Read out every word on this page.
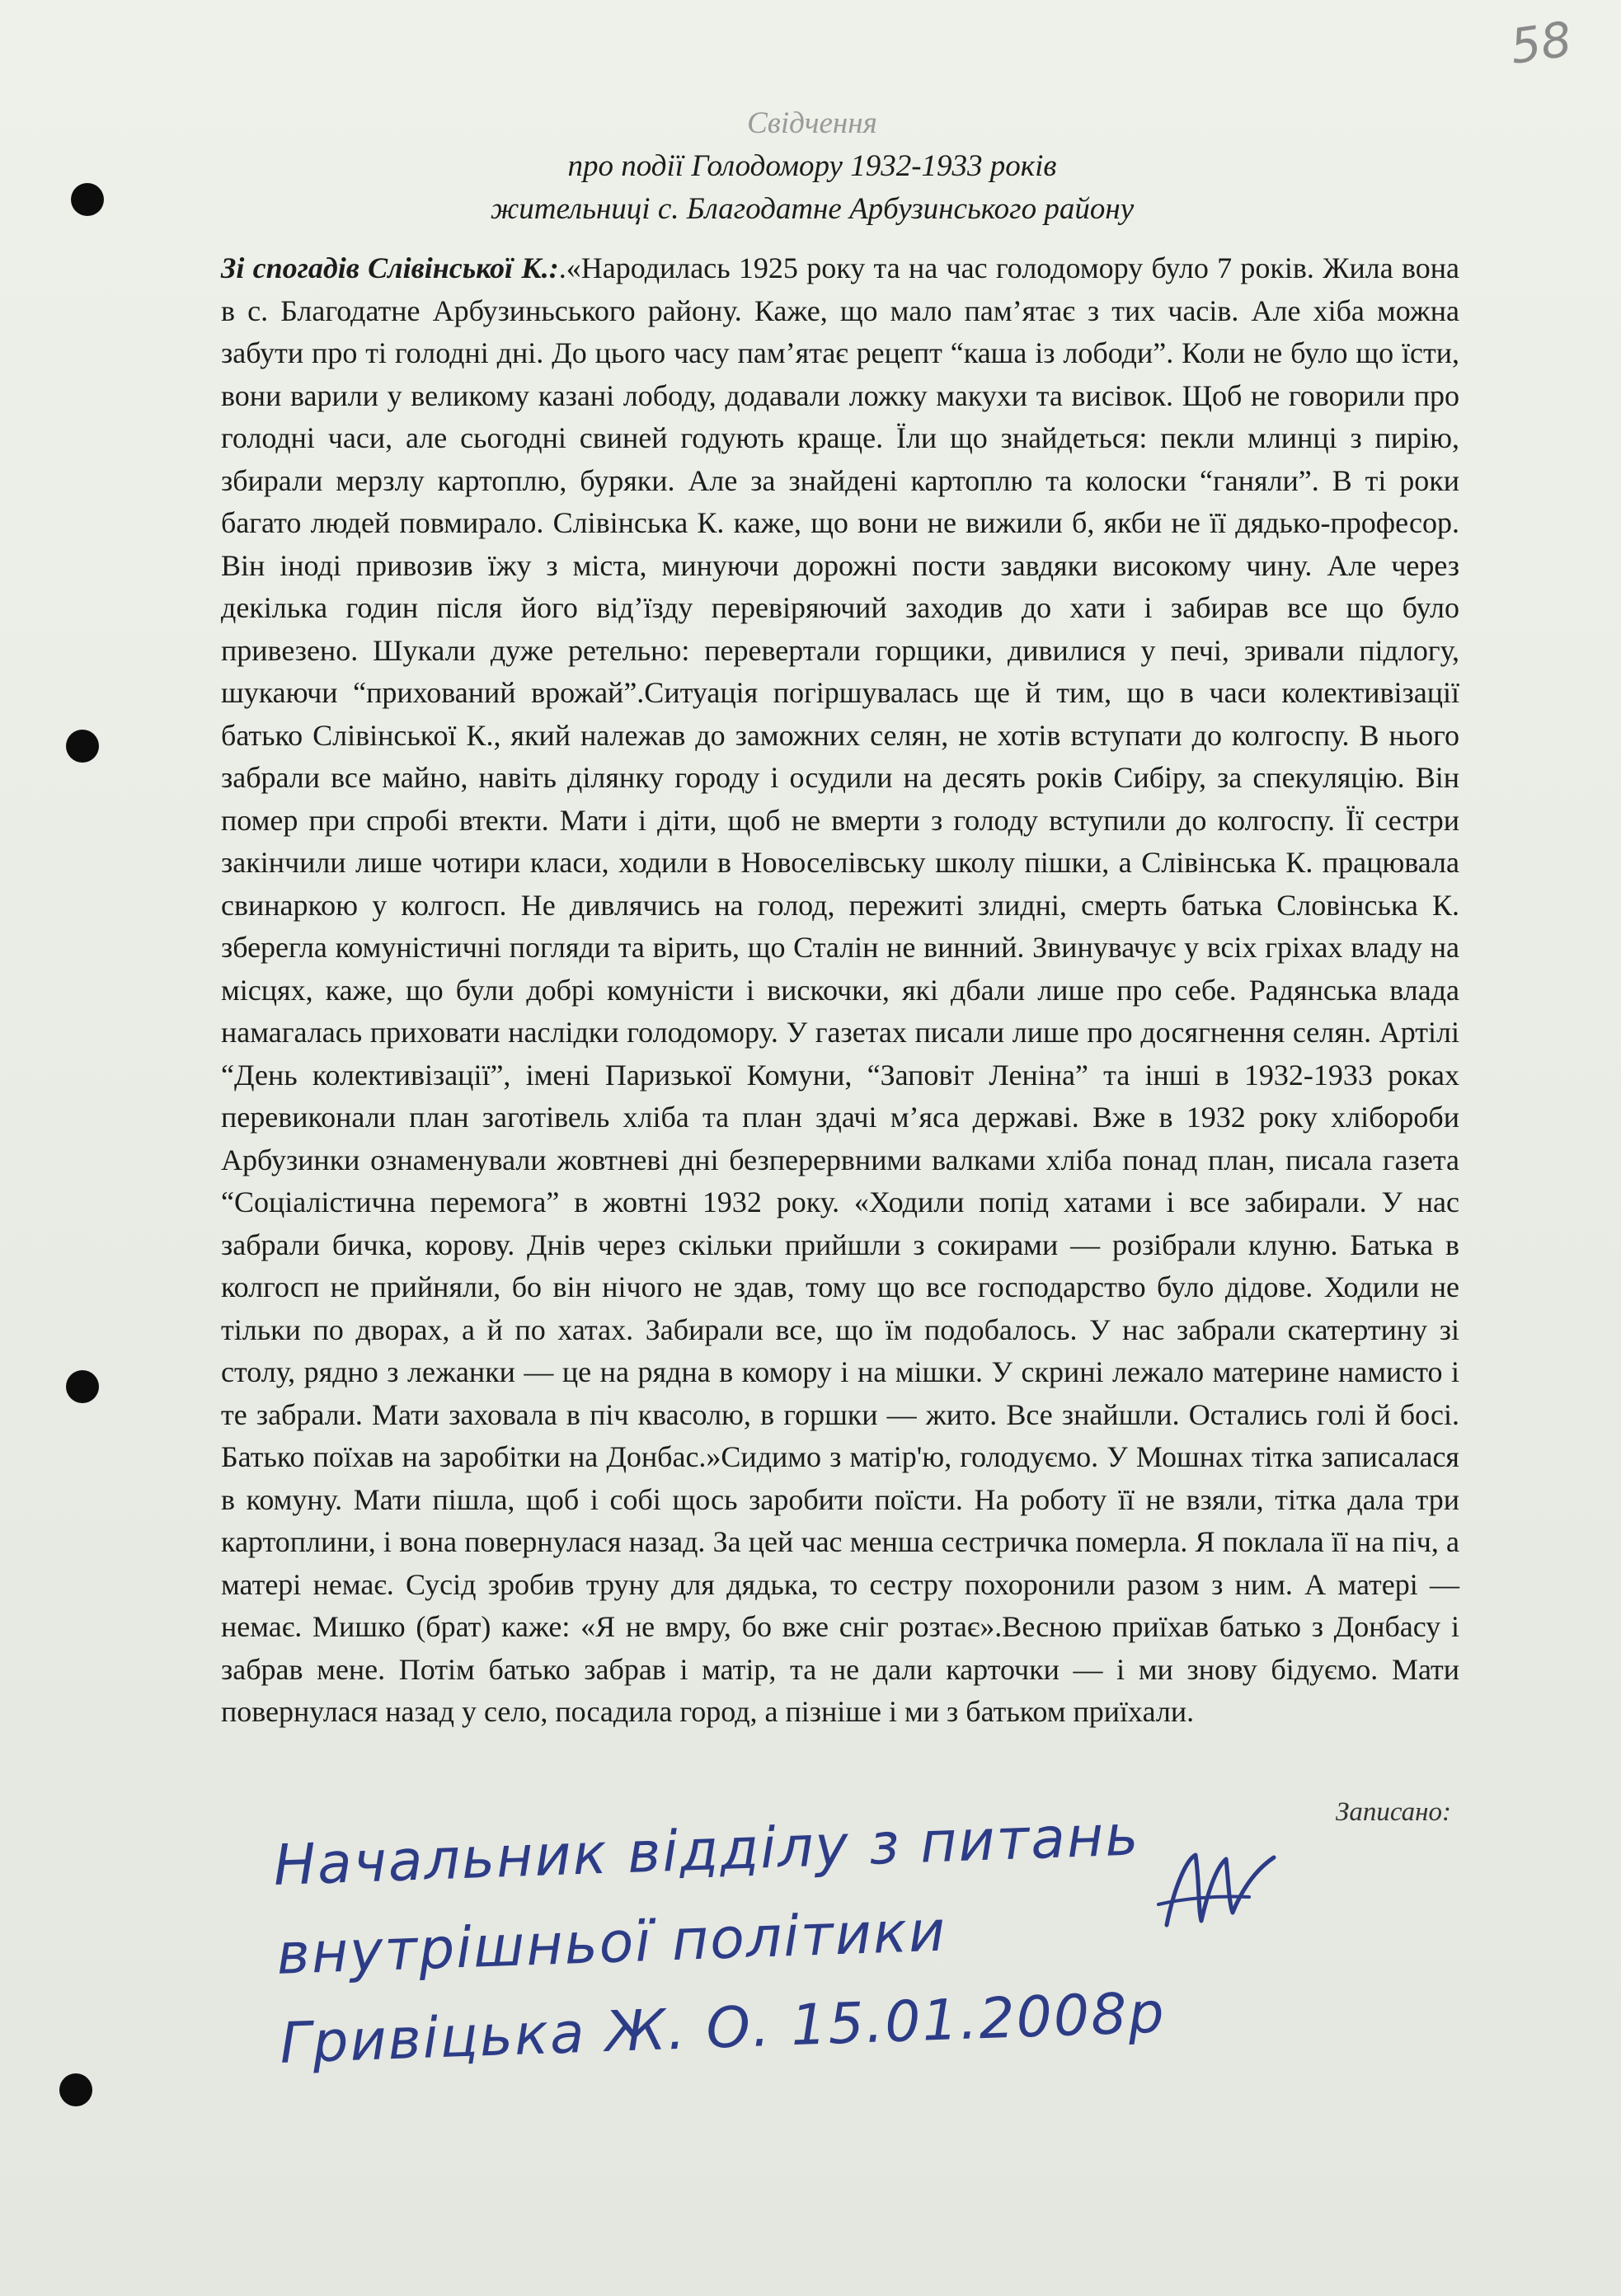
58
Свідчення
про події Голодомору 1932-1933 років
жительниці с. Благодатне Арбузинського району
Зі спогадів Слівінської К.:.«Народилась 1925 року та на час голодомору було 7 років. Жила вона в с. Благодатне Арбузиньського району. Каже, що мало пам’ятає з тих часів. Але хіба можна забути про ті голодні дні. До цього часу пам’ятає рецепт “каша із лободи”. Коли не було що їсти, вони варили у великому казані лободу, додавали ложку макухи та висівок. Щоб не говорили про голодні часи, але сьогодні свиней годують краще. Їли що знайдеться: пекли млинці з пирію, збирали мерзлу картоплю, буряки. Але за знайдені картоплю та колоски “ганяли”. В ті роки багато людей повмирало. Слівінська К. каже, що вони не вижили б, якби не її дядько-професор. Він іноді привозив їжу з міста, минуючи дорожні пости завдяки високому чину. Але через декілька годин після його від’їзду перевіряючий заходив до хати і забирав все що було привезено. Шукали дуже ретельно: перевертали горщики, дивилися у печі, зривали підлогу, шукаючи “прихований врожай”.Ситуація погіршувалась ще й тим, що в часи колективізації батько Слівінської К., який належав до заможних селян, не хотів вступати до колгоспу. В нього забрали все майно, навіть ділянку городу і осудили на десять років Сибіру, за спекуляцію. Він помер при спробі втекти. Мати і діти, щоб не вмерти з голоду вступили до колгоспу. Її сестри закінчили лише чотири класи, ходили в Новоселівську школу пішки, а Слівінська К. працювала свинаркою у колгосп. Не дивлячись на голод, пережиті злидні, смерть батька Словінська К. зберегла комуністичні погляди та вірить, що Сталін не винний. Звинувачує у всіх гріхах владу на місцях, каже, що були добрі комуністи і вискочки, які дбали лише про себе. Радянська влада намагалась приховати наслідки голодомору. У газетах писали лише про досягнення селян. Артілі “День колективізації”, імені Паризької Комуни, “Заповіт Леніна” та інші в 1932-1933 роках перевиконали план заготівель хліба та план здачі м’яса державі. Вже в 1932 року хлібороби Арбузинки ознаменували жовтневі дні безперервними валками хліба понад план, писала газета “Соціалістична перемога” в жовтні 1932 року. «Ходили попід хатами і все забирали. У нас забрали бичка, корову. Днів через скільки прийшли з сокирами — розібрали клуню. Батька в колгосп не прийняли, бо він нічого не здав, тому що все господарство було дідове. Ходили не тільки по дворах, а й по хатах. Забирали все, що їм подобалось. У нас забрали скатертину зі столу, рядно з лежанки — це на рядна в комору і на мішки. У скрині лежало материне намисто і те забрали. Мати заховала в піч квасолю, в горшки — жито. Все знайшли. Остались голі й босі. Батько поїхав на заробітки на Донбас.»Сидимо з матір'ю, голодуємо. У Мошнах тітка записалася в комуну. Мати пішла, щоб і собі щось заробити поїсти. На роботу її не взяли, тітка дала три картоплини, і вона повернулася назад. За цей час менша сестричка померла. Я поклала її на піч, а матері немає. Сусід зробив труну для дядька, то сестру похоронили разом з ним. А матері — немає. Мишко (брат) каже: «Я не вмру, бо вже сніг розтає».Весною приїхав батько з Донбасу і забрав мене. Потім батько забрав і матір, та не дали карточки — і ми знову бідуємо. Мати повернулася назад у село, посадила город, а пізніше і ми з батьком приїхали.
Записано:
Начальник відділу з питань
внутрішньої політики
Гривіцька Ж. О. 15.01.2008р
